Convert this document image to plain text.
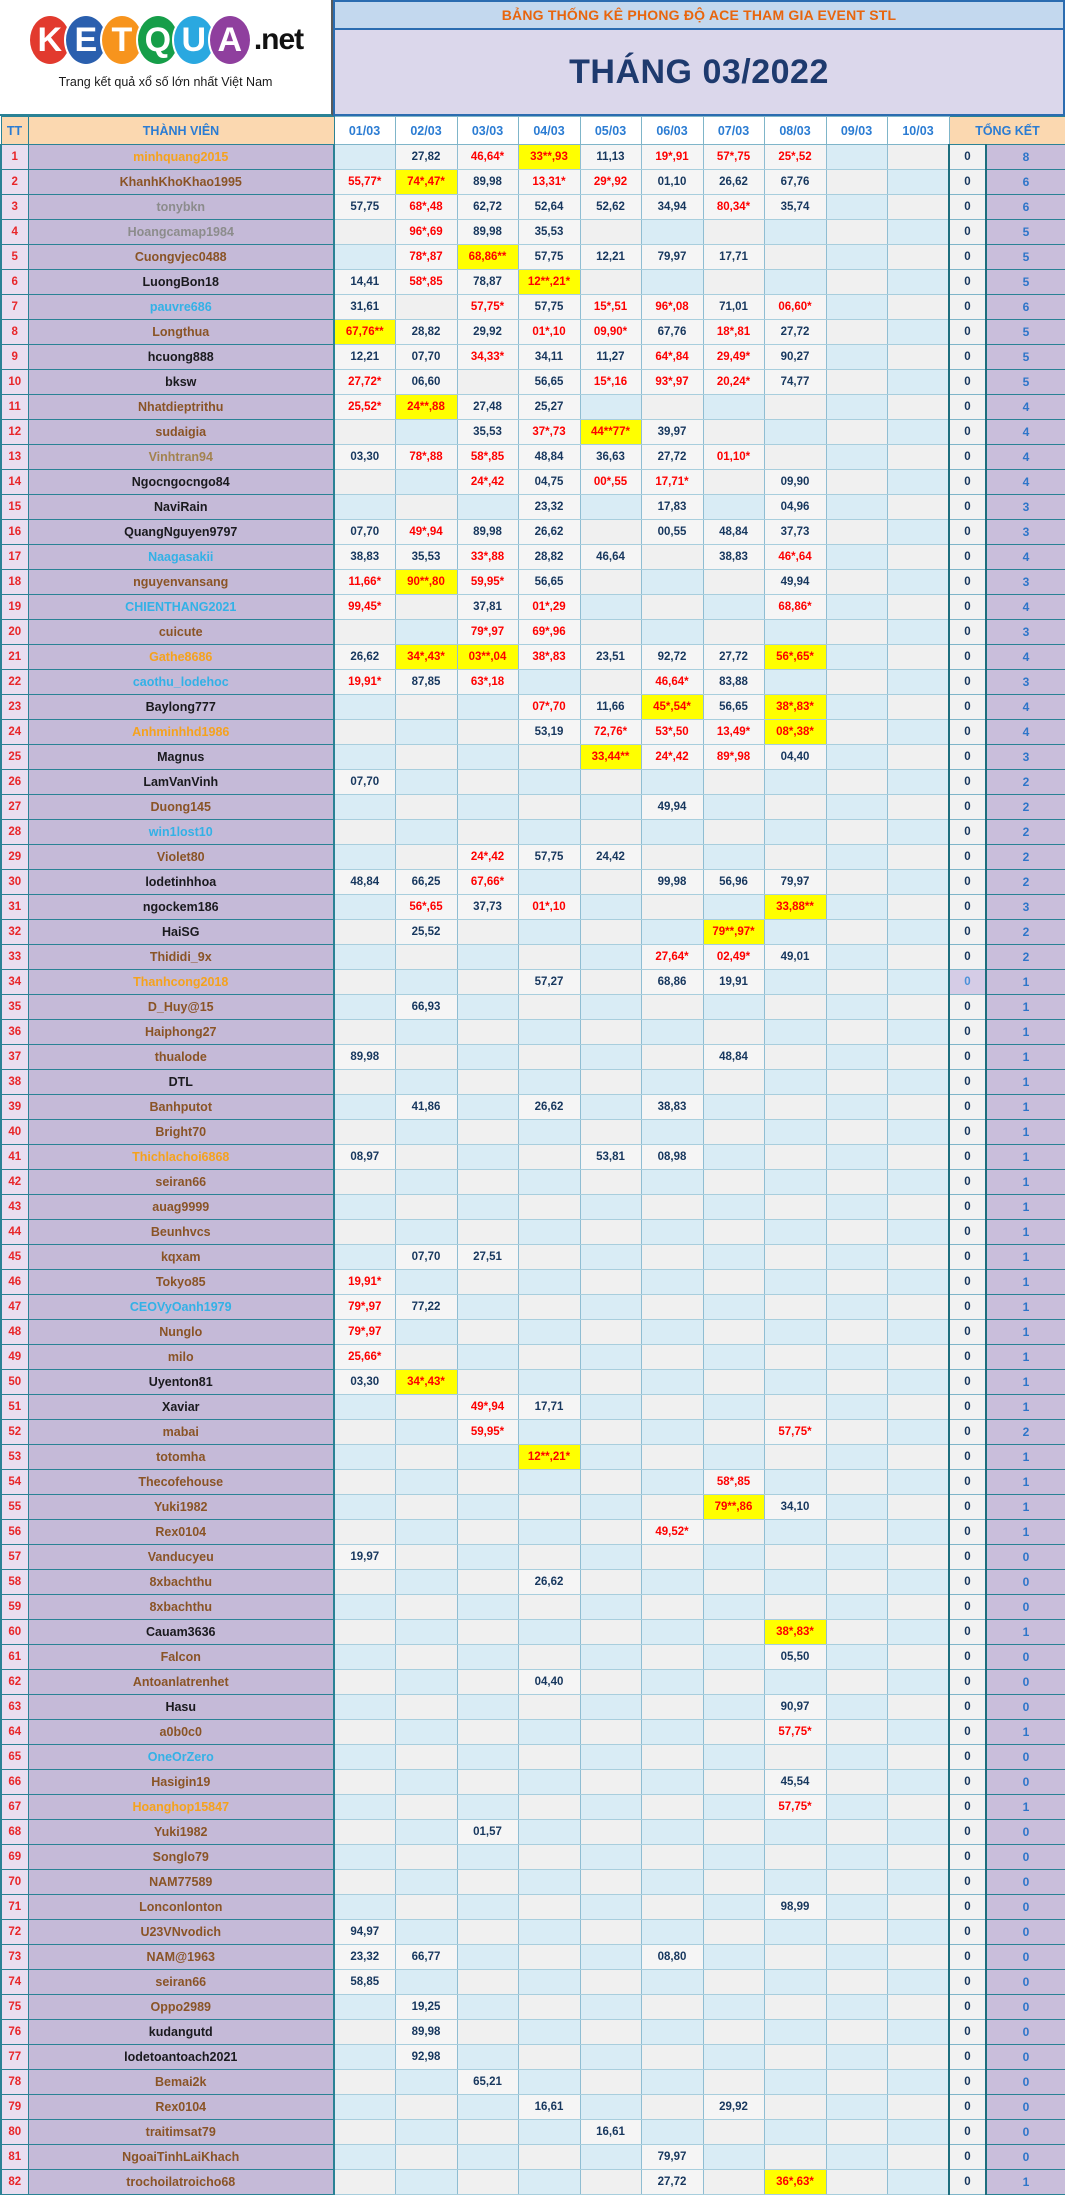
K E T Q U A .net
Trang kết quả xổ số lớn nhất Việt Nam
BẢNG THỐNG KÊ PHONG ĐỘ ACE THAM GIA EVENT STL
THÁNG 03/2022
TT	THÀNH VIÊN	01/03	02/03	03/03	04/03	05/03	06/03	07/03	08/03	09/03	10/03	TỔNG KẾT	
1	minhquang2015		27,82	46,64*	33**,93	11,13	19*,91	57*,75	25*,52			0	8
2	KhanhKhoKhao1995	55,77*	74*,47*	89,98	13,31*	29*,92	01,10	26,62	67,76			0	6
3	tonybkn	57,75	68*,48	62,72	52,64	52,62	34,94	80,34*	35,74			0	6
4	Hoangcamap1984		96*,69	89,98	35,53							0	5
5	Cuongvjec0488		78*,87	68,86**	57,75	12,21	79,97	17,71				0	5
6	LuongBon18	14,41	58*,85	78,87	12**,21*							0	5
7	pauvre686	31,61		57,75*	57,75	15*,51	96*,08	71,01	06,60*			0	6
8	Longthua	67,76**	28,82	29,92	01*,10	09,90*	67,76	18*,81	27,72			0	5
9	hcuong888	12,21	07,70	34,33*	34,11	11,27	64*,84	29,49*	90,27			0	5
10	bksw	27,72*	06,60		56,65	15*,16	93*,97	20,24*	74,77			0	5
11	Nhatdieptrithu	25,52*	24**,88	27,48	25,27							0	4
12	sudaigia			35,53	37*,73	44**77*	39,97					0	4
13	Vinhtran94	03,30	78*,88	58*,85	48,84	36,63	27,72	01,10*				0	4
14	Ngocngocngo84			24*,42	04,75	00*,55	17,71*		09,90			0	4
15	NaviRain				23,32		17,83		04,96			0	3
16	QuangNguyen9797	07,70	49*,94	89,98	26,62		00,55	48,84	37,73			0	3
17	Naagasakii	38,83	35,53	33*,88	28,82	46,64		38,83	46*,64			0	4
18	nguyenvansang	11,66*	90**,80	59,95*	56,65				49,94			0	3
19	CHIENTHANG2021	99,45*		37,81	01*,29				68,86*			0	4
20	cuicute			79*,97	69*,96							0	3
21	Gathe8686	26,62	34*,43*	03**,04	38*,83	23,51	92,72	27,72	56*,65*			0	4
22	caothu_lodehoc	19,91*	87,85	63*,18			46,64*	83,88				0	3
23	Baylong777				07*,70	11,66	45*,54*	56,65	38*,83*			0	4
24	Anhminhhd1986				53,19	72,76*	53*,50	13,49*	08*,38*			0	4
25	Magnus					33,44**	24*,42	89*,98	04,40			0	3
26	LamVanVinh	07,70										0	2
27	Duong145						49,94					0	2
28	win1lost10											0	2
29	Violet80			24*,42	57,75	24,42						0	2
30	lodetinhhoa	48,84	66,25	67,66*			99,98	56,96	79,97			0	2
31	ngockem186		56*,65	37,73	01*,10				33,88**			0	3
32	HaiSG		25,52					79**,97*				0	2
33	Thididi_9x						27,64*	02,49*	49,01			0	2
34	Thanhcong2018				57,27		68,86	19,91				0	1
35	D_Huy@15		66,93									0	1
36	Haiphong27											0	1
37	thualode	89,98						48,84				0	1
38	DTL											0	1
39	Banhputot		41,86		26,62		38,83					0	1
40	Bright70											0	1
41	Thichlachoi6868	08,97				53,81	08,98					0	1
42	seiran66											0	1
43	auag9999											0	1
44	Beunhvcs											0	1
45	kqxam		07,70	27,51								0	1
46	Tokyo85	19,91*										0	1
47	CEOVyOanh1979	79*,97	77,22									0	1
48	Nunglo	79*,97										0	1
49	milo	25,66*										0	1
50	Uyenton81	03,30	34*,43*									0	1
51	Xaviar			49*,94	17,71							0	1
52	mabai			59,95*					57,75*			0	2
53	totomha				12**,21*							0	1
54	Thecofehouse							58*,85				0	1
55	Yuki1982							79**,86	34,10			0	1
56	Rex0104						49,52*					0	1
57	Vanducyeu	19,97										0	0
58	8xbachthu				26,62							0	0
59	8xbachthu											0	0
60	Cauam3636								38*,83*			0	1
61	Falcon								05,50			0	0
62	Antoanlatrenhet				04,40							0	0
63	Hasu								90,97			0	0
64	a0b0c0								57,75*			0	1
65	OneOrZero											0	0
66	Hasigin19								45,54			0	0
67	Hoanghop15847								57,75*			0	1
68	Yuki1982			01,57								0	0
69	Songlo79											0	0
70	NAM77589											0	0
71	Lonconlonton								98,99			0	0
72	U23VNvodich	94,97										0	0
73	NAM@1963	23,32	66,77				08,80					0	0
74	seiran66	58,85										0	0
75	Oppo2989		19,25									0	0
76	kudangutd		89,98									0	0
77	lodetoantoach2021		92,98									0	0
78	Bemai2k			65,21								0	0
79	Rex0104				16,61			29,92				0	0
80	traitimsat79					16,61						0	0
81	NgoaiTinhLaiKhach						79,97					0	0
82	trochoilatroicho68						27,72		36*,63*			0	1
